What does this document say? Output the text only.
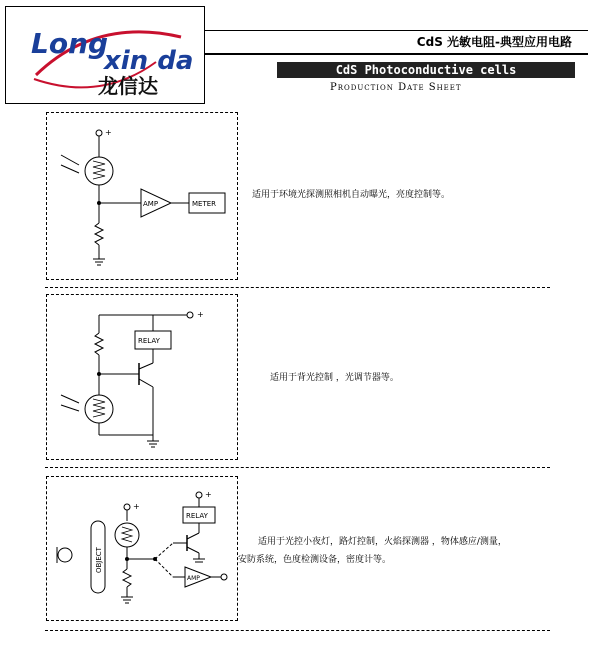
Long
xin da
龙信达
CdS 光敏电阻-典型应用电路
CdS Photoconductive cells
Production Date Sheet
+
AMP	METER
适用于环境光探测照相机自动曝光，亮度控制等。
+
RELAY
适用于背光控制 ，光调节器等。
OBJECT
+
+
RELAY
AMP
适用于光控小夜灯，路灯控制，火焰探测器 ，物体感应/测量，
安防系统，色度检测设备，密度计等。
